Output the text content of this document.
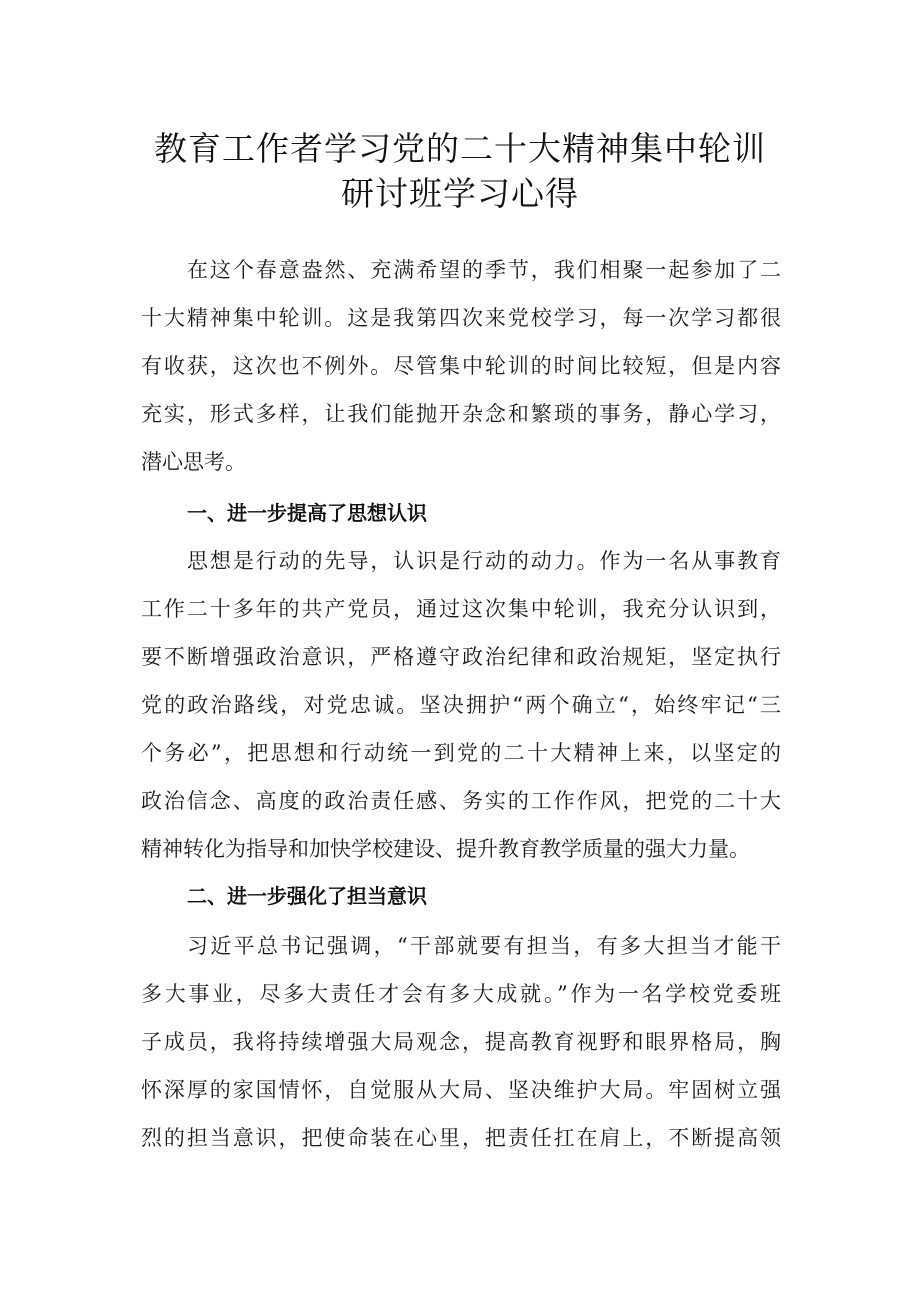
教育工作者学习党的二十大精神集中轮训
研讨班学习心得

在这个春意盎然、充满希望的季节，我们相聚一起参加了二

十大精神集中轮训。这是我第四次来党校学习，每一次学习都很

有收获，这次也不例外。尽管集中轮训的时间比较短，但是内容

充实，形式多样，让我们能抛开杂念和繁琐的事务，静心学习，

潜心思考。

一、进一步提高了思想认识

思想是行动的先导，认识是行动的动力。作为一名从事教育

工作二十多年的共产党员，通过这次集中轮训，我充分认识到，

要不断增强政治意识，严格遵守政治纪律和政治规矩，坚定执行

党的政治路线，对党忠诚。坚决拥护“两个确立“，始终牢记“三

个务必”，把思想和行动统一到党的二十大精神上来，以坚定的

政治信念、高度的政治责任感、务实的工作作风，把党的二十大

精神转化为指导和加快学校建设、提升教育教学质量的强大力量。

二、进一步强化了担当意识

习近平总书记强调，“干部就要有担当，有多大担当才能干

多大事业，尽多大责任才会有多大成就。”作为一名学校党委班

子成员，我将持续增强大局观念，提高教育视野和眼界格局，胸

怀深厚的家国情怀，自觉服从大局、坚决维护大局。牢固树立强

烈的担当意识，把使命装在心里，把责任扛在肩上，不断提高领
